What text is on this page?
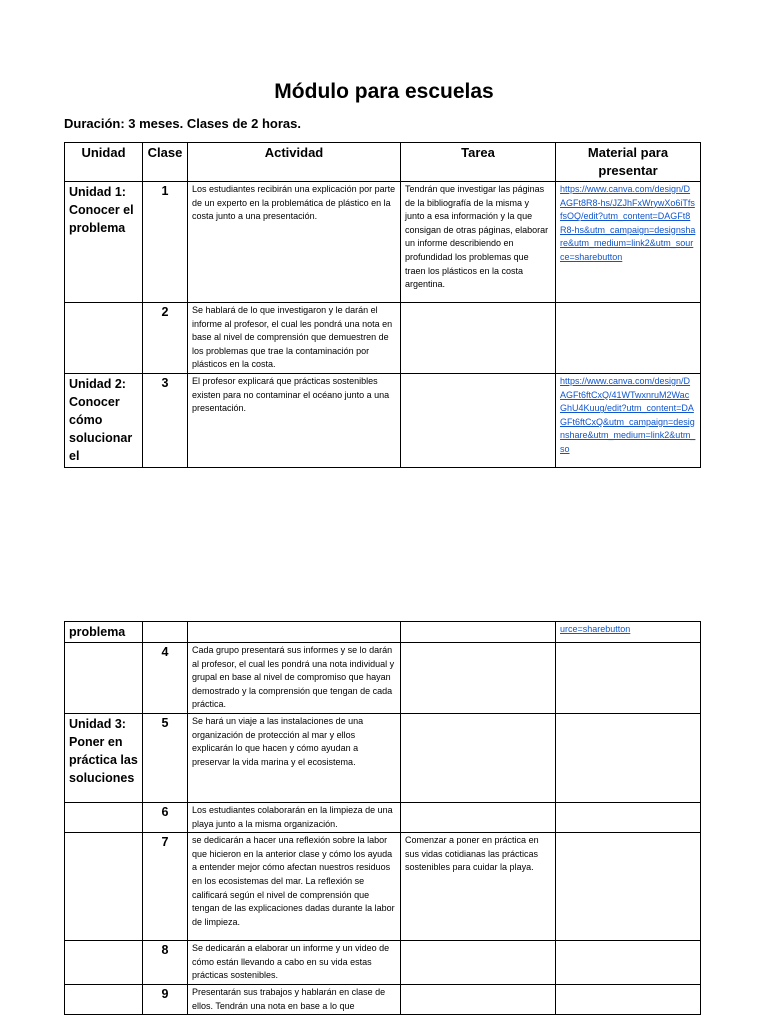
Módulo para escuelas

Duración: 3 meses. Clases de 2 horas.

Unidad	Clase	Actividad	Tarea	Material para presentar
Unidad 1: Conocer el problema	1	Los estudiantes recibirán una explicación por parte de un experto en la problemática de plástico en la costa junto a una presentación.	Tendrán que investigar las páginas de la bibliografía de la misma y junto a esa información y la que consigan de otras páginas, elaborar un informe describiendo en profundidad los problemas que traen los plásticos en la costa argentina.	https://www.canva.com/design/DAGFt8R8-hs/JZJhFxWrywXo6iTfsfsOQ/edit?utm_content=DAGFt8R8-hs&utm_campaign=designshare&utm_medium=link2&utm_source=sharebutton
	2	Se hablará de lo que investigaron y le darán el informe al profesor, el cual les pondrá una nota en base al nivel de comprensión que demuestren de los problemas que trae la contaminación por plásticos en la costa.		
Unidad 2: Conocer cómo solucionar el	3	El profesor explicará que prácticas sostenibles existen para no contaminar el océano junto a una presentación.		https://www.canva.com/design/DAGFt6ftCxQ/41WTwxnruM2WacGhU4Kuug/edit?utm_content=DAGFt6ftCxQ&utm_campaign=designshare&utm_medium=link2&utm_so
problema				urce=sharebutton
	4	Cada grupo presentará sus informes y se lo darán al profesor, el cual les pondrá una nota individual y grupal en base al nivel de compromiso que hayan demostrado y la comprensión que tengan de cada práctica.		
Unidad 3: Poner en práctica las soluciones	5	Se hará un viaje a las instalaciones de una organización de protección al mar y ellos explicarán lo que hacen y cómo ayudan a preservar la vida marina y el ecosistema.		
	6	Los estudiantes colaborarán en la limpieza de una playa junto a la misma organización.		
	7	se dedicarán a hacer una reflexión sobre la labor que hicieron en la anterior clase y cómo los ayuda a entender mejor cómo afectan nuestros residuos en los ecosistemas del mar. La reflexión se calificará según el nivel de comprensión que tengan de las explicaciones dadas durante la labor de limpieza.	Comenzar a poner en práctica en sus vidas cotidianas las prácticas sostenibles para cuidar la playa.	
	8	Se dedicarán a elaborar un informe y un video de cómo están llevando a cabo en su vida estas prácticas sostenibles.		
	9	Presentarán sus trabajos y hablarán en clase de ellos. Tendrán una nota en base a lo que		
